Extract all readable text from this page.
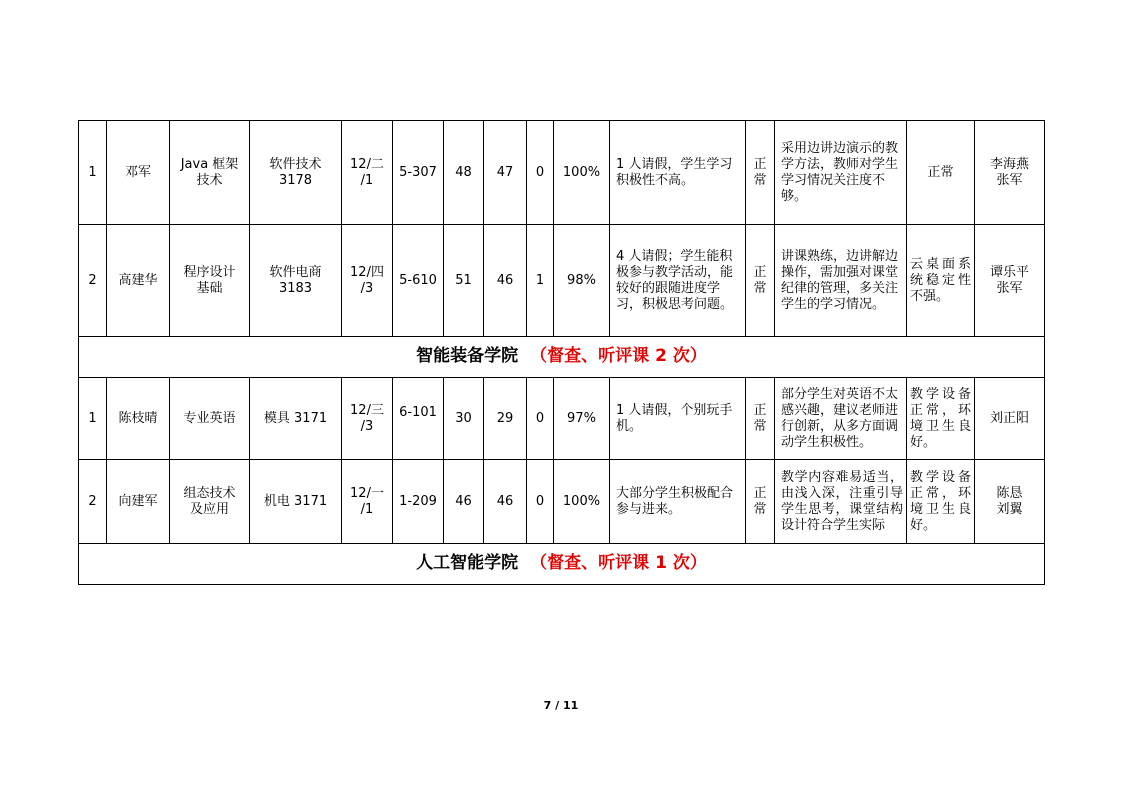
1	邓军	Java 框架
技术	软件技术
3178	12/二
/1	5-307	48	47	0	100%	1 人请假，学生学习积极性不高。	正
常	采用边讲边演示的教学方法，教师对学生学习情况关注度不够。	正常	李海燕
张军

2	高建华	程序设计
基础	软件电商
3183	12/四
/3	5-610	51	46	1	98%	4 人请假；学生能积极参与教学活动，能较好的跟随进度学习，积极思考问题。	正
常	讲课熟练，边讲解边操作，需加强对课堂纪律的管理，多关注学生的学习情况。	云桌面系统稳定性不强。	谭乐平
张军

智能装备学院 （督查、听评课 2 次）														
1	陈枝晴	专业英语	模具 3171	12/三
/3	6-101	30	29	0	97%	1 人请假，个别玩手机。	正
常	部分学生对英语不太感兴趣，建议老师进行创新，从多方面调动学生积极性。	教学设备正常，环境卫生良好。	刘正阳
2	向建军	组态技术
及应用	机电 3171	12/一
/1	1-209	46	46	0	100%	大部分学生积极配合参与进来。	正
常	教学内容难易适当，由浅入深，注重引导学生思考，课堂结构设计符合学生实际	教学设备正常，环境卫生良好。	陈恳
刘翼

人工智能学院 （督查、听评课 1 次）														
7 / 11
